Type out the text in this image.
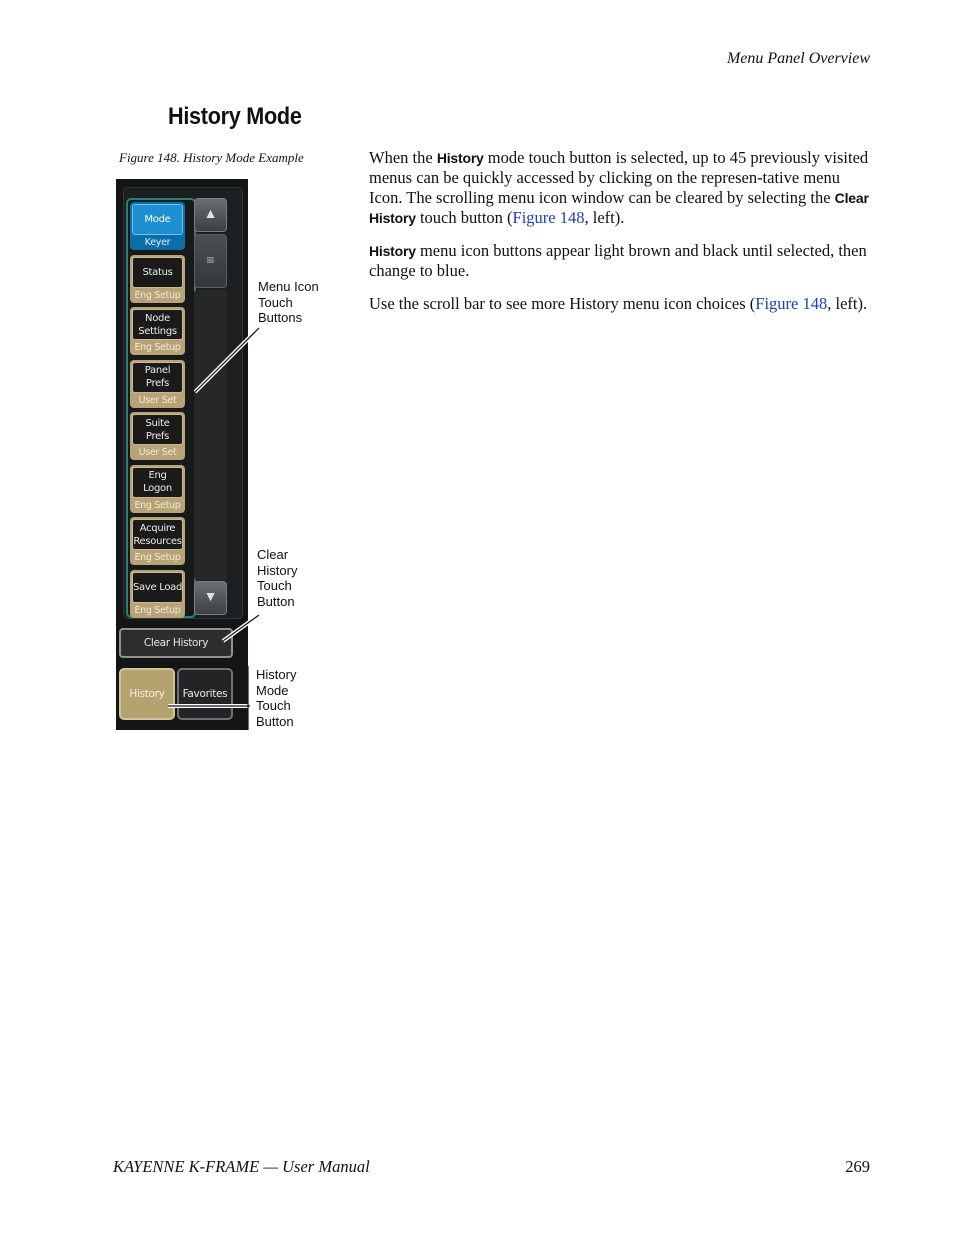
Menu Panel Overview
History Mode
Figure 148. History Mode Example
Mode
Keyer
Status
Eng Setup
Node
Settings
Eng Setup
Panel
Prefs
User Set
Suite
Prefs
User Set
Eng Logon
Eng Setup
Acquire
Resources
Eng Setup
Save Load
Eng Setup
▲
≡
▼
Clear History
History	Favorites
Menu Icon
Touch
Buttons
Clear
History
Touch
Button
History
Mode
Touch
Button

When the History mode touch button is selected, up to 45 previously visited menus can be quickly accessed by clicking on the represen-tative menu Icon. The scrolling menu icon window can be cleared by selecting the Clear History touch button (Figure 148, left).

History menu icon buttons appear light brown and black until selected, then change to blue.

Use the scroll bar to see more History menu icon choices (Figure 148, left).

KAYENNE K-FRAME — User Manual	269
